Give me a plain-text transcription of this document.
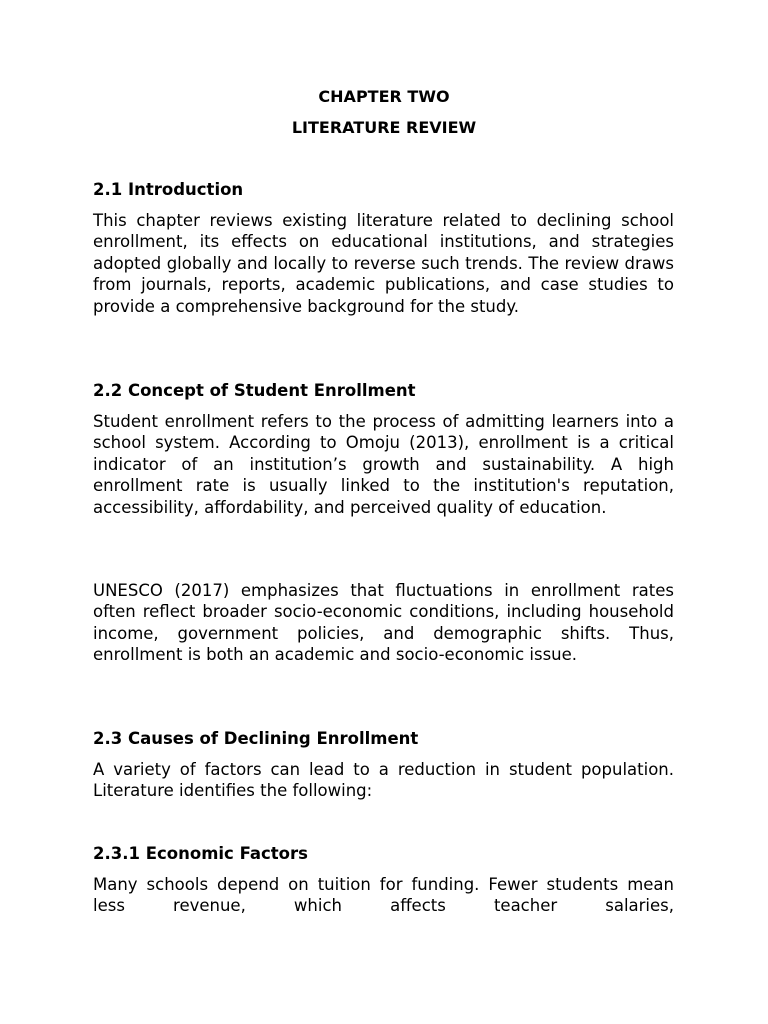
CHAPTER TWO
LITERATURE REVIEW
2.1 Introduction

This chapter reviews existing literature related to declining school enrollment, its effects on educational institutions, and strategies adopted globally and locally to reverse such trends. The review draws from journals, reports, academic publications, and case studies to provide a comprehensive background for the study.

2.2 Concept of Student Enrollment

Student enrollment refers to the process of admitting learners into a school system. According to Omoju (2013), enrollment is a critical indicator of an institution’s growth and sustainability. A high enrollment rate is usually linked to the institution's reputation, accessibility, affordability, and perceived quality of education.

UNESCO (2017) emphasizes that fluctuations in enrollment rates often reflect broader socio-economic conditions, including household income, government policies, and demographic shifts. Thus, enrollment is both an academic and socio-economic issue.

2.3 Causes of Declining Enrollment

A variety of factors can lead to a reduction in student population. Literature identifies the following:

2.3.1 Economic Factors

Many schools depend on tuition for funding. Fewer students mean less revenue, which affects teacher salaries,
